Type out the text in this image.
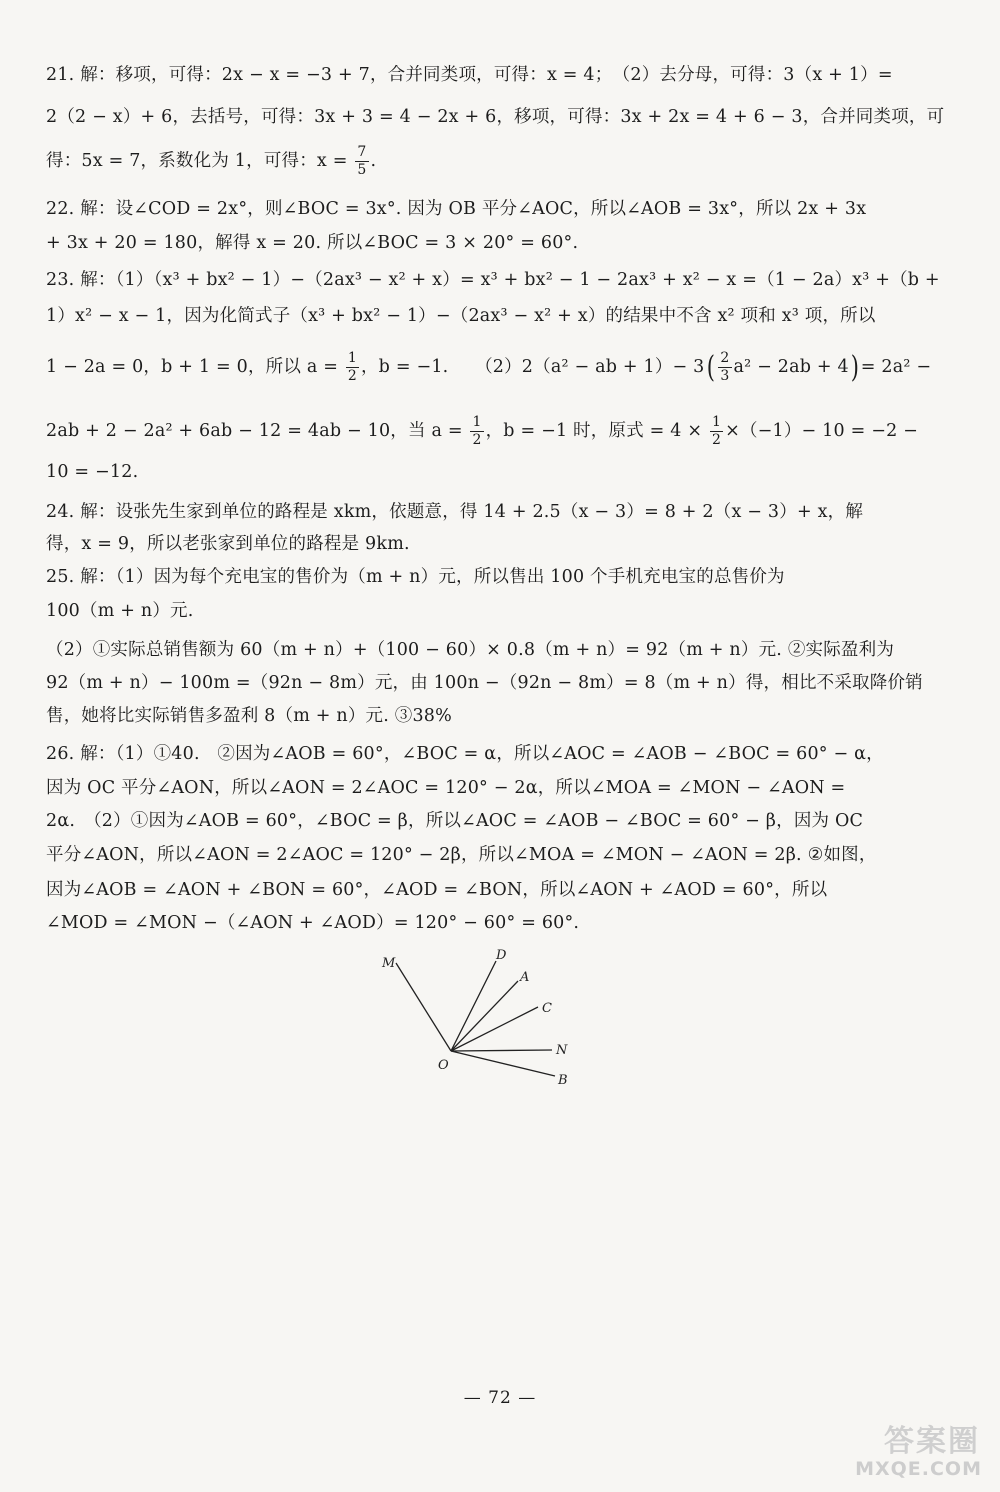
21. 解：移项，可得：2x − x = −3 + 7，合并同类项，可得：x = 4；　（2）去分母，可得：3（x + 1）=
2（2 − x）+ 6，去括号，可得：3x + 3 = 4 − 2x + 6，移项，可得：3x + 2x = 4 + 6 − 3，合并同类项，可
得：5x = 7，系数化为 1，可得：$x = \frac{7}{5}$ .
22. 解：设∠COD = 2x°，则∠BOC = 3x°. 因为 OB 平分∠AOC，所以∠AOB = 3x°，所以 2x + 3x
+ 3x + 20 = 180，解得 x = 20. 所以∠BOC = 3 × 20° = 60°.
23. 解：（1）（x³ + bx² − 1）−（2ax³ − x² + x）= x³ + bx² − 1 − 2ax³ + x² − x =（1 − 2a）x³ +（b +
1）x² − x − 1，因为化简式子（x³ + bx² − 1）−（2ax³ − x² + x）的结果中不含 x² 项和 x³ 项，所以
1 − 2a = 0，b + 1 = 0，所以 $a = \frac{1}{2}$ ，b = −1.　　（2）2（a² − ab + $1)- 3( \frac{2}{3} a^2 - 2ab + 4) = 2a^2$ −
2ab + 2 − 2a² + 6ab − 12 = 4ab − 10，当 $a = \frac{1}{2}$ ，b = −1 时，原式 = $4 \times \frac{1}{2} \times(-1)- 10 = -2$ −
10 = −12.
24. 解：设张先生家到单位的路程是 xkm，依题意，得 14 + 2.5（x − 3）= 8 + 2（x − 3）+ x，解
得，x = 9，所以老张家到单位的路程是 9km.
25. 解：（1）因为每个充电宝的售价为（m + n）元，所以售出 100 个手机充电宝的总售价为
100（m + n）元.
（2）①实际总销售额为 60（m + n）+（100 − 60）× 0.8（m + n）= 92（m + n）元. ②实际盈利为
92（m + n）− 100m =（92n − 8m）元，由 100n −（92n − 8m）= 8（m + n）得，相比不采取降价销
售，她将比实际销售多盈利 8（m + n）元. ③38%
26. 解：（1）①40.　②因为∠AOB = 60°，∠BOC = α，所以∠AOC = ∠AOB − ∠BOC = 60° − α，
因为 OC 平分∠AON，所以∠AON = 2∠AOC = 120° − 2α，所以∠MOA = ∠MON − ∠AON =
2α.　（2）①因为∠AOB = 60°，∠BOC = β，所以∠AOC = ∠AOB − ∠BOC = 60° − β，因为 OC
平分∠AON，所以∠AON = 2∠AOC = 120° − 2β，所以∠MOA = ∠MON − ∠AON = 2β. ②如图，
因为∠AOB = ∠AON + ∠BON = 60°，∠AOD = ∠BON，所以∠AON + ∠AOD = 60°，所以
∠MOD = ∠MON −（∠AON + ∠AOD）= 120° − 60° = 60°.
M
D
A
C
N
B
O
— 72 —
答案圈
MXQE.COM
